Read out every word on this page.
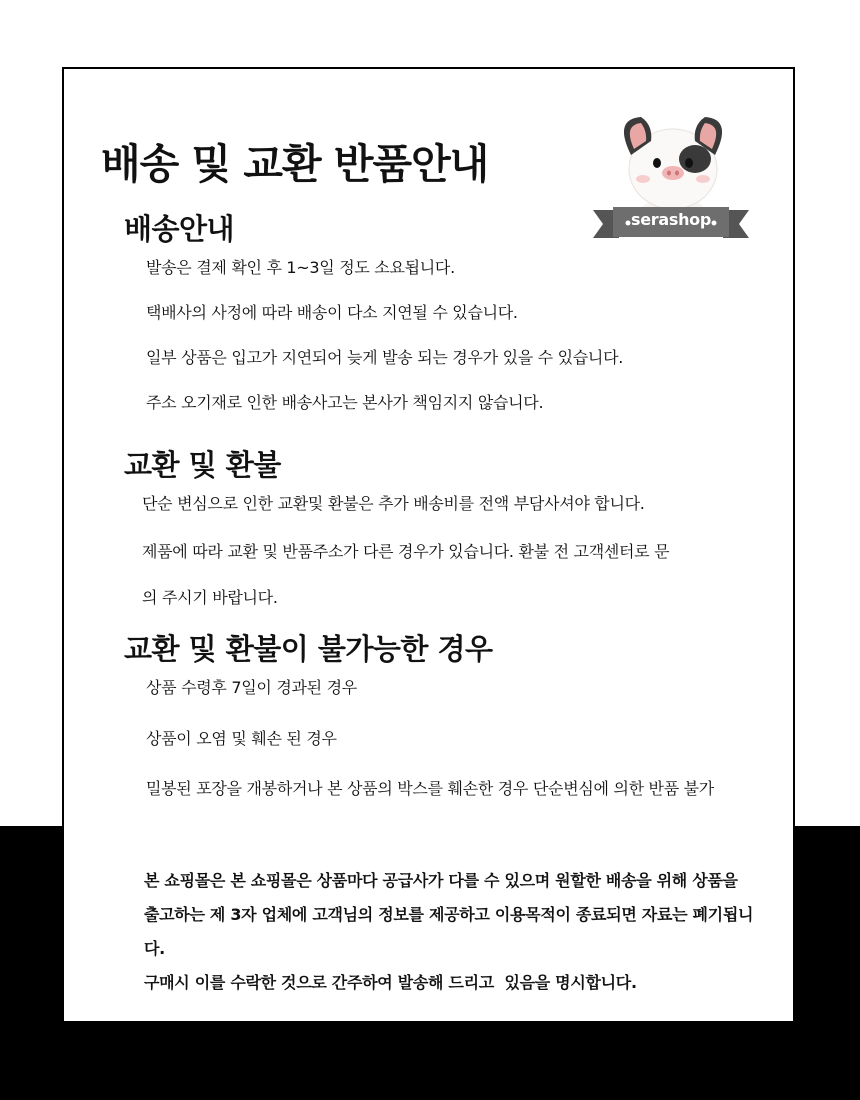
배송 및 교환 반품안내
serashop
배송안내

발송은 결제 확인 후 1~3일 정도 소요됩니다.

택배사의 사정에 따라 배송이 다소 지연될 수 있습니다.

일부 상품은 입고가 지연되어 늦게 발송 되는 경우가 있을 수 있습니다.

주소 오기재로 인한 배송사고는 본사가 책임지지 않습니다.

교환 및 환불

단순 변심으로 인한 교환및 환불은 추가 배송비를 전액 부담사셔야 합니다.

제품에 따라 교환 및 반품주소가 다른 경우가 있습니다. 환불 전 고객센터로 문

의 주시기 바랍니다.

교환 및 환불이 불가능한 경우

상품 수령후 7일이 경과된 경우

상품이 오염 및 훼손 된 경우

밀봉된 포장을 개봉하거나 본 상품의 박스를 훼손한 경우 단순변심에 의한 반품 불가

본 쇼핑몰은 본 쇼핑몰은 상품마다 공급사가 다를 수 있으며 원할한 배송을 위해 상품을 출고하는 제 3자 업체에 고객님의 정보를 제공하고 이용목적이 종료되면 자료는 폐기됩니다.

구매시 이를 수락한 것으로 간주하여 발송해 드리고  있음을 명시합니다.
